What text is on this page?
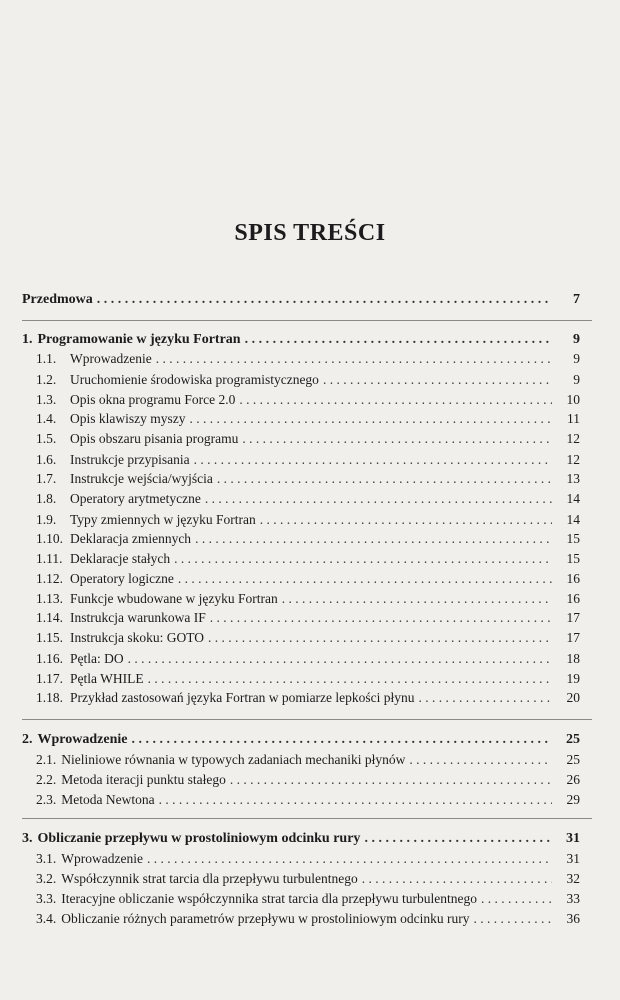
SPIS TREŚCI
Przedmowa . . .	7
1. Programowanie w języku Fortran . . .	9
1.1.	Wprowadzenie . . .	9
1.2.	Uruchomienie środowiska programistycznego . . .	9
1.3.	Opis okna programu Force 2.0 . . .	10
1.4.	Opis klawiszy myszy . . .	11
1.5.	Opis obszaru pisania programu . . .	12
1.6.	Instrukcje przypisania . . .	12
1.7.	Instrukcje wejścia/wyjścia . . .	13
1.8.	Operatory arytmetyczne . . .	14
1.9.	Typy zmiennych w języku Fortran . . .	14
1.10. Deklaracja zmiennych . . .	15
1.11. Deklaracje stałych . . .	15
1.12. Operatory logiczne . . .	16
1.13. Funkcje wbudowane w języku Fortran . . .	16
1.14. Instrukcja warunkowa IF . . .	17
1.15. Instrukcja skoku: GOTO . . .	17
1.16. Pętla: DO . . .	18
1.17. Pętla WHILE . . .	19
1.18. Przykład zastosowań języka Fortran w pomiarze lepkości płynu . . .	20
2. Wprowadzenie . . .	25
2.1. Nieliniowe równania w typowych zadaniach mechaniki płynów . . .	25
2.2. Metoda iteracji punktu stałego . . .	26
2.3. Metoda Newtona . . .	29
3. Obliczanie przepływu w prostoliniowym odcinku rury . . .	31
3.1. Wprowadzenie . . .	31
3.2. Współczynnik strat tarcia dla przepływu turbulentnego . . .	32
3.3. Iteracyjne obliczanie współczynnika strat tarcia dla przepływu turbulentnego . . .	33
3.4. Obliczanie różnych parametrów przepływu w prostoliniowym odcinku rury . . .	36
